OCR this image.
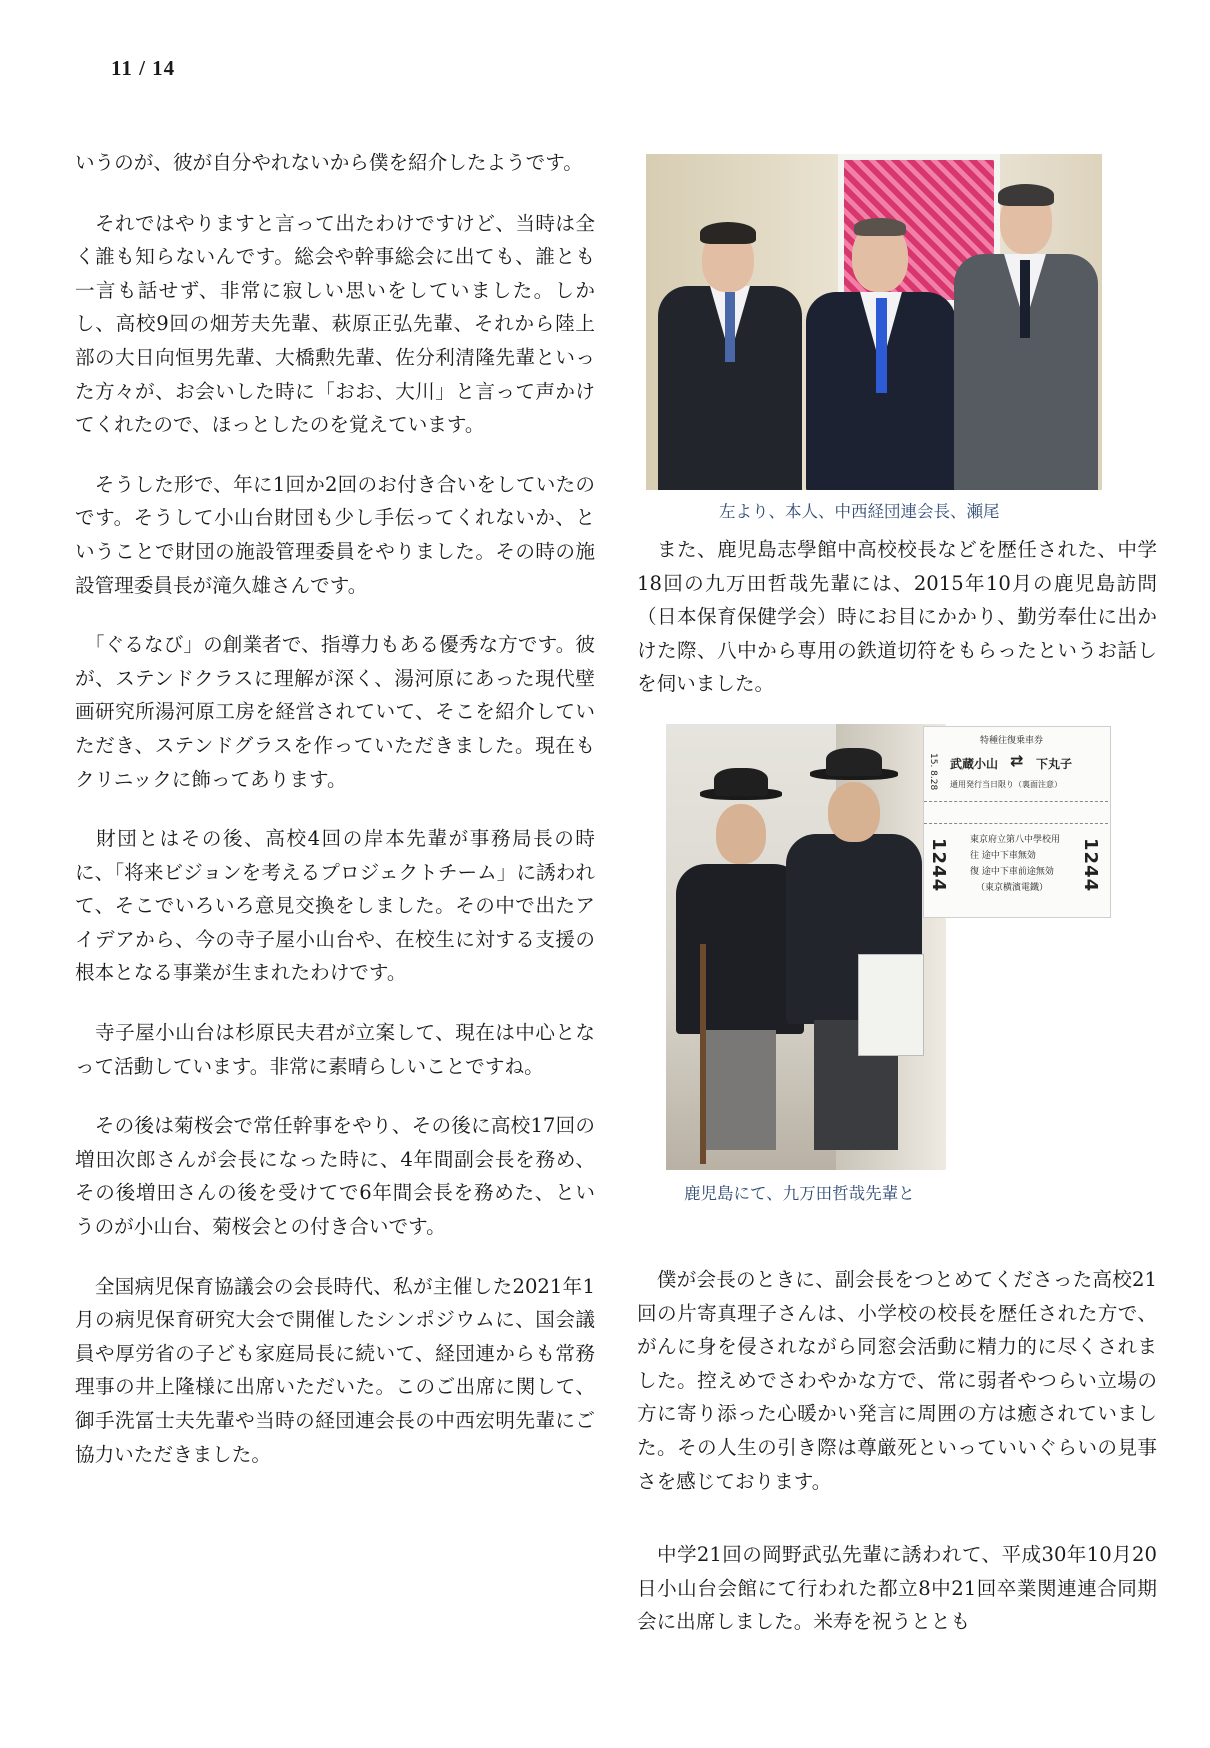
11 / 14

いうのが、彼が自分やれないから僕を紹介したようです。

　それではやりますと言って出たわけですけど、当時は全く誰も知らないんです。総会や幹事総会に出ても、誰とも一言も話せず、非常に寂しい思いをしていました。しかし、高校9回の畑芳夫先輩、萩原正弘先輩、それから陸上部の大日向恒男先輩、大橋勲先輩、佐分利清隆先輩といった方々が、お会いした時に「おお、大川」と言って声かけてくれたので、ほっとしたのを覚えています。

　そうした形で、年に1回か2回のお付き合いをしていたのです。そうして小山台財団も少し手伝ってくれないか、ということで財団の施設管理委員をやりました。その時の施設管理委員長が滝久雄さんです。

　「ぐるなび」の創業者で、指導力もある優秀な方です。彼が、ステンドクラスに理解が深く、湯河原にあった現代壁画研究所湯河原工房を経営されていて、そこを紹介していただき、ステンドグラスを作っていただきました。現在もクリニックに飾ってあります。

　財団とはその後、高校4回の岸本先輩が事務局長の時に、「将来ビジョンを考えるプロジェクトチーム」に誘われて、そこでいろいろ意見交換をしました。その中で出たアイデアから、今の寺子屋小山台や、在校生に対する支援の根本となる事業が生まれたわけです。

　寺子屋小山台は杉原民夫君が立案して、現在は中心となって活動しています。非常に素晴らしいことですね。

　その後は菊桜会で常任幹事をやり、その後に高校17回の増田次郎さんが会長になった時に、4年間副会長を務め、その後増田さんの後を受けてで6年間会長を務めた、というのが小山台、菊桜会との付き合いです。

　全国病児保育協議会の会長時代、私が主催した2021年1月の病児保育研究大会で開催したシンポジウムに、国会議員や厚労省の子ども家庭局長に続いて、経団連からも常務理事の井上隆様に出席いただいた。このご出席に関して、御手洗冨士夫先輩や当時の経団連会長の中西宏明先輩にご協力いただきました。

左より、本人、中西経団連会長、瀬尾

　また、鹿児島志學館中高校校長などを歴任された、中学18回の九万田哲哉先輩には、2015年10月の鹿児島訪問（日本保育保健学会）時にお目にかかり、勤労奉仕に出かけた際、八中から専用の鉄道切符をもらったというお話しを伺いました。

特種往復乗車券
15. 8.28 武蔵小山 ⇄ 下丸子
通用発行当日限り（裏面注意）
1244 東京府立第八中學校用
往 途中下車無効
復 途中下車前途無効
（東京横濱電鐵） 1244
鹿児島にて、九万田哲哉先輩と

　僕が会長のときに、副会長をつとめてくださった高校21回の片寄真理子さんは、小学校の校長を歴任された方で、がんに身を侵されながら同窓会活動に精力的に尽くされました。控えめでさわやかな方で、常に弱者やつらい立場の方に寄り添った心暖かい発言に周囲の方は癒されていました。その人生の引き際は尊厳死といっていいぐらいの見事さを感じております。

　中学21回の岡野武弘先輩に誘われて、平成30年10月20日小山台会館にて行われた都立8中21回卒業関連連合同期会に出席しました。米寿を祝うととも
